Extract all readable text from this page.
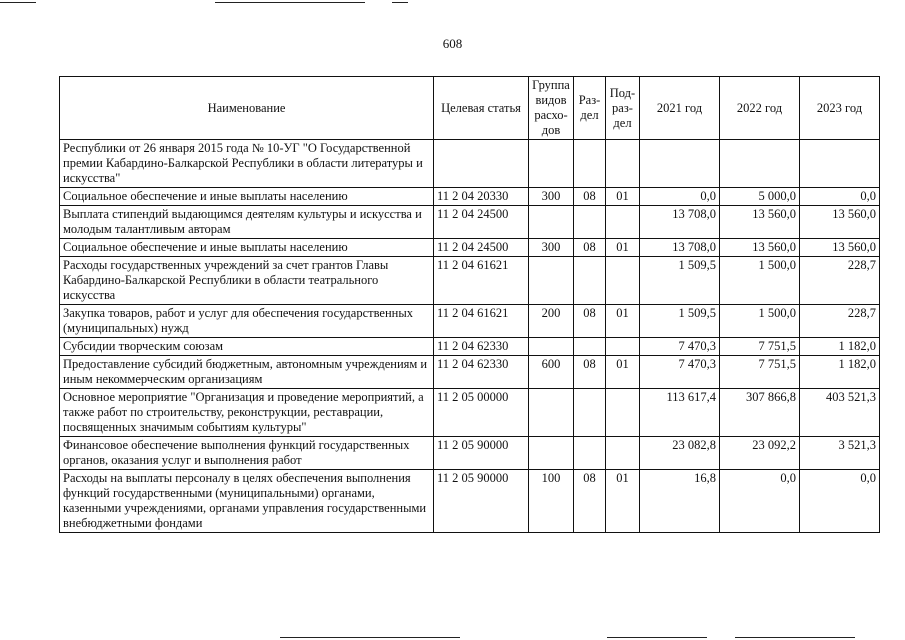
608
Наименование	Целевая статья	Группа видов расхо- дов	Раз- дел	Под- раз- дел	2021 год	2022 год	2023 год
Республики от 26 января 2015 года № 10-УГ "О Государственной премии Кабардино-Балкарской Республики в области литературы и искусства"							
Социальное обеспечение и иные выплаты населению	11 2 04 20330	300	08	01	0,0	5 000,0	0,0
Выплата стипендий выдающимся деятелям культуры и искусства и молодым талантливым авторам	11 2 04 24500				13 708,0	13 560,0	13 560,0
Социальное обеспечение и иные выплаты населению	11 2 04 24500	300	08	01	13 708,0	13 560,0	13 560,0
Расходы государственных учреждений за счет грантов Главы Кабардино-Балкарской Республики в области театрального искусства	11 2 04 61621				1 509,5	1 500,0	228,7
Закупка товаров, работ и услуг для обеспечения государственных (муниципальных) нужд	11 2 04 61621	200	08	01	1 509,5	1 500,0	228,7
Субсидии творческим союзам	11 2 04 62330				7 470,3	7 751,5	1 182,0
Предоставление субсидий бюджетным, автономным учреждениям и иным некоммерческим организациям	11 2 04 62330	600	08	01	7 470,3	7 751,5	1 182,0
Основное мероприятие "Организация и проведение мероприятий, а также работ по строительству, реконструкции, реставрации, посвященных значимым событиям культуры"	11 2 05 00000				113 617,4	307 866,8	403 521,3
Финансовое обеспечение выполнения функций государственных органов, оказания услуг и выполнения работ	11 2 05 90000				23 082,8	23 092,2	3 521,3
Расходы на выплаты персоналу в целях обеспечения выполнения функций государственными (муниципальными) органами, казенными учреждениями, органами управления государственными внебюджетными фондами	11 2 05 90000	100	08	01	16,8	0,0	0,0
